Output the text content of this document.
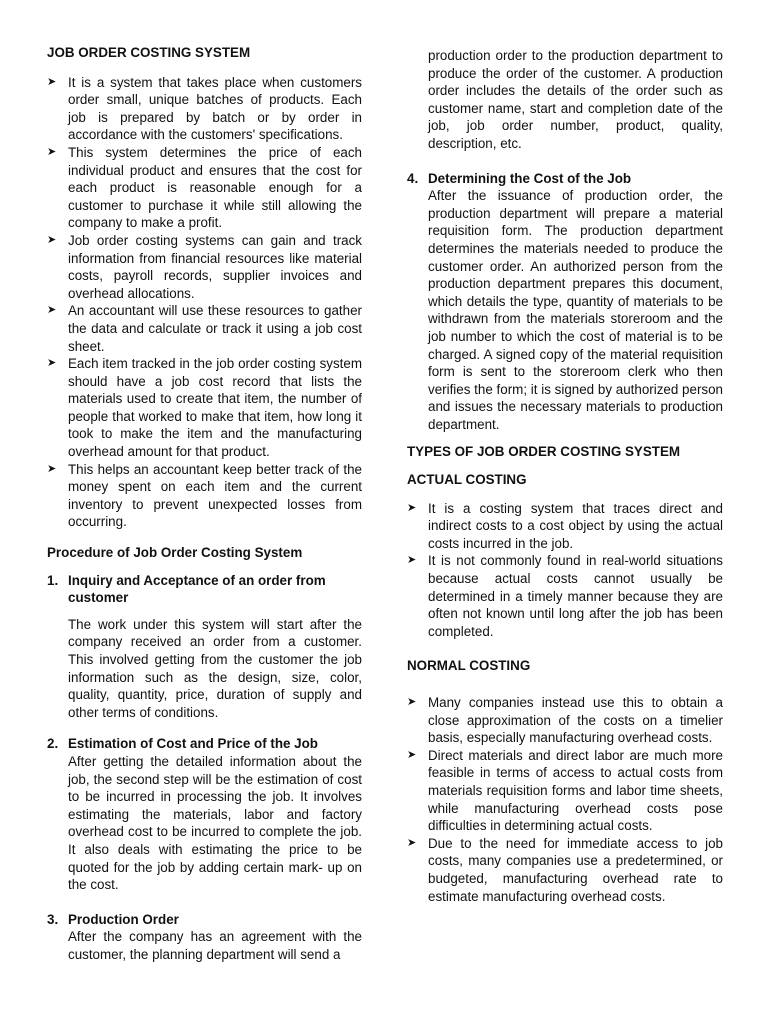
JOB ORDER COSTING SYSTEM

➤ It is a system that takes place when customers order small, unique batches of products. Each job is prepared by batch or by order in accordance with the customers' specifications.
➤ This system determines the price of each individual product and ensures that the cost for each product is reasonable enough for a customer to purchase it while still allowing the company to make a profit.
➤ Job order costing systems can gain and track information from financial resources like material costs, payroll records, supplier invoices and overhead allocations.
➤ An accountant will use these resources to gather the data and calculate or track it using a job cost sheet.
➤ Each item tracked in the job order costing system should have a job cost record that lists the materials used to create that item, the number of people that worked to make that item, how long it took to make the item and the manufacturing overhead amount for that product.
➤ This helps an accountant keep better track of the money spent on each item and the current inventory to prevent unexpected losses from occurring.

Procedure of Job Order Costing System

1. Inquiry and Acceptance of an order from customer

The work under this system will start after the company received an order from a customer. This involved getting from the customer the job information such as the design, size, color, quality, quantity, price, duration of supply and other terms of conditions.

2. Estimation of Cost and Price of the Job

After getting the detailed information about the job, the second step will be the estimation of cost to be incurred in processing the job. It involves estimating the materials, labor and factory overhead cost to be incurred to complete the job. It also deals with estimating the price to be quoted for the job by adding certain mark- up on the cost.

3. Production Order

After the company has an agreement with the customer, the planning department will send a

production order to the production department to produce the order of the customer. A production order includes the details of the order such as customer name, start and completion date of the job, job order number, product, quality, description, etc.

4. Determining the Cost of the Job

After the issuance of production order, the production department will prepare a material requisition form. The production department determines the materials needed to produce the customer order. An authorized person from the production department prepares this document, which details the type, quantity of materials to be withdrawn from the materials storeroom and the job number to which the cost of material is to be charged. A signed copy of the material requisition form is sent to the storeroom clerk who then verifies the form; it is signed by authorized person and issues the necessary materials to production department.

TYPES OF JOB ORDER COSTING SYSTEM

ACTUAL COSTING

➤ It is a costing system that traces direct and indirect costs to a cost object by using the actual costs incurred in the job.
➤ It is not commonly found in real-world situations because actual costs cannot usually be determined in a timely manner because they are often not known until long after the job has been completed.

NORMAL COSTING

➤ Many companies instead use this to obtain a close approximation of the costs on a timelier basis, especially manufacturing overhead costs.
➤ Direct materials and direct labor are much more feasible in terms of access to actual costs from materials requisition forms and labor time sheets, while manufacturing overhead costs pose difficulties in determining actual costs.
➤ Due to the need for immediate access to job costs, many companies use a predetermined, or budgeted, manufacturing overhead rate to estimate manufacturing overhead costs.
